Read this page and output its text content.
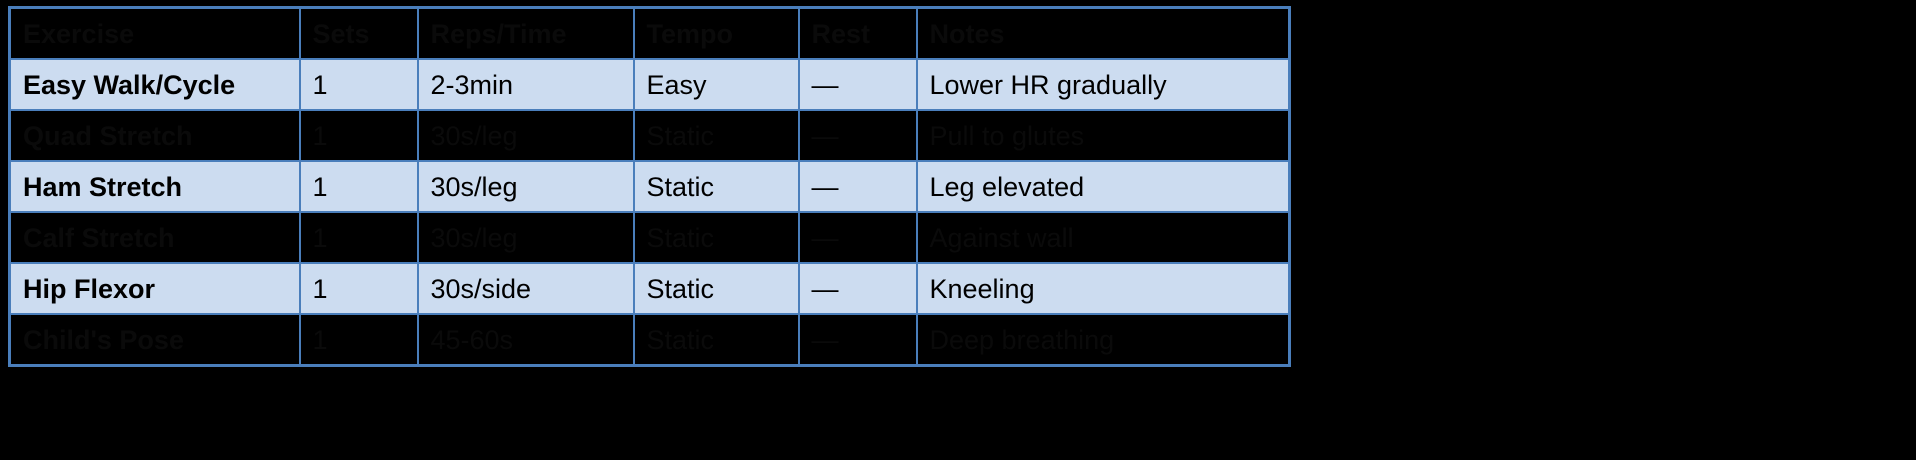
Exercise	Sets	Reps/Time	Tempo	Rest	Notes
Easy Walk/Cycle	1	2-3min	Easy	—	Lower HR gradually
Quad Stretch	1	30s/leg	Static	—	Pull to glutes
Ham Stretch	1	30s/leg	Static	—	Leg elevated
Calf Stretch	1	30s/leg	Static	—	Against wall
Hip Flexor	1	30s/side	Static	—	Kneeling
Child's Pose	1	45-60s	Static	—	Deep breathing
